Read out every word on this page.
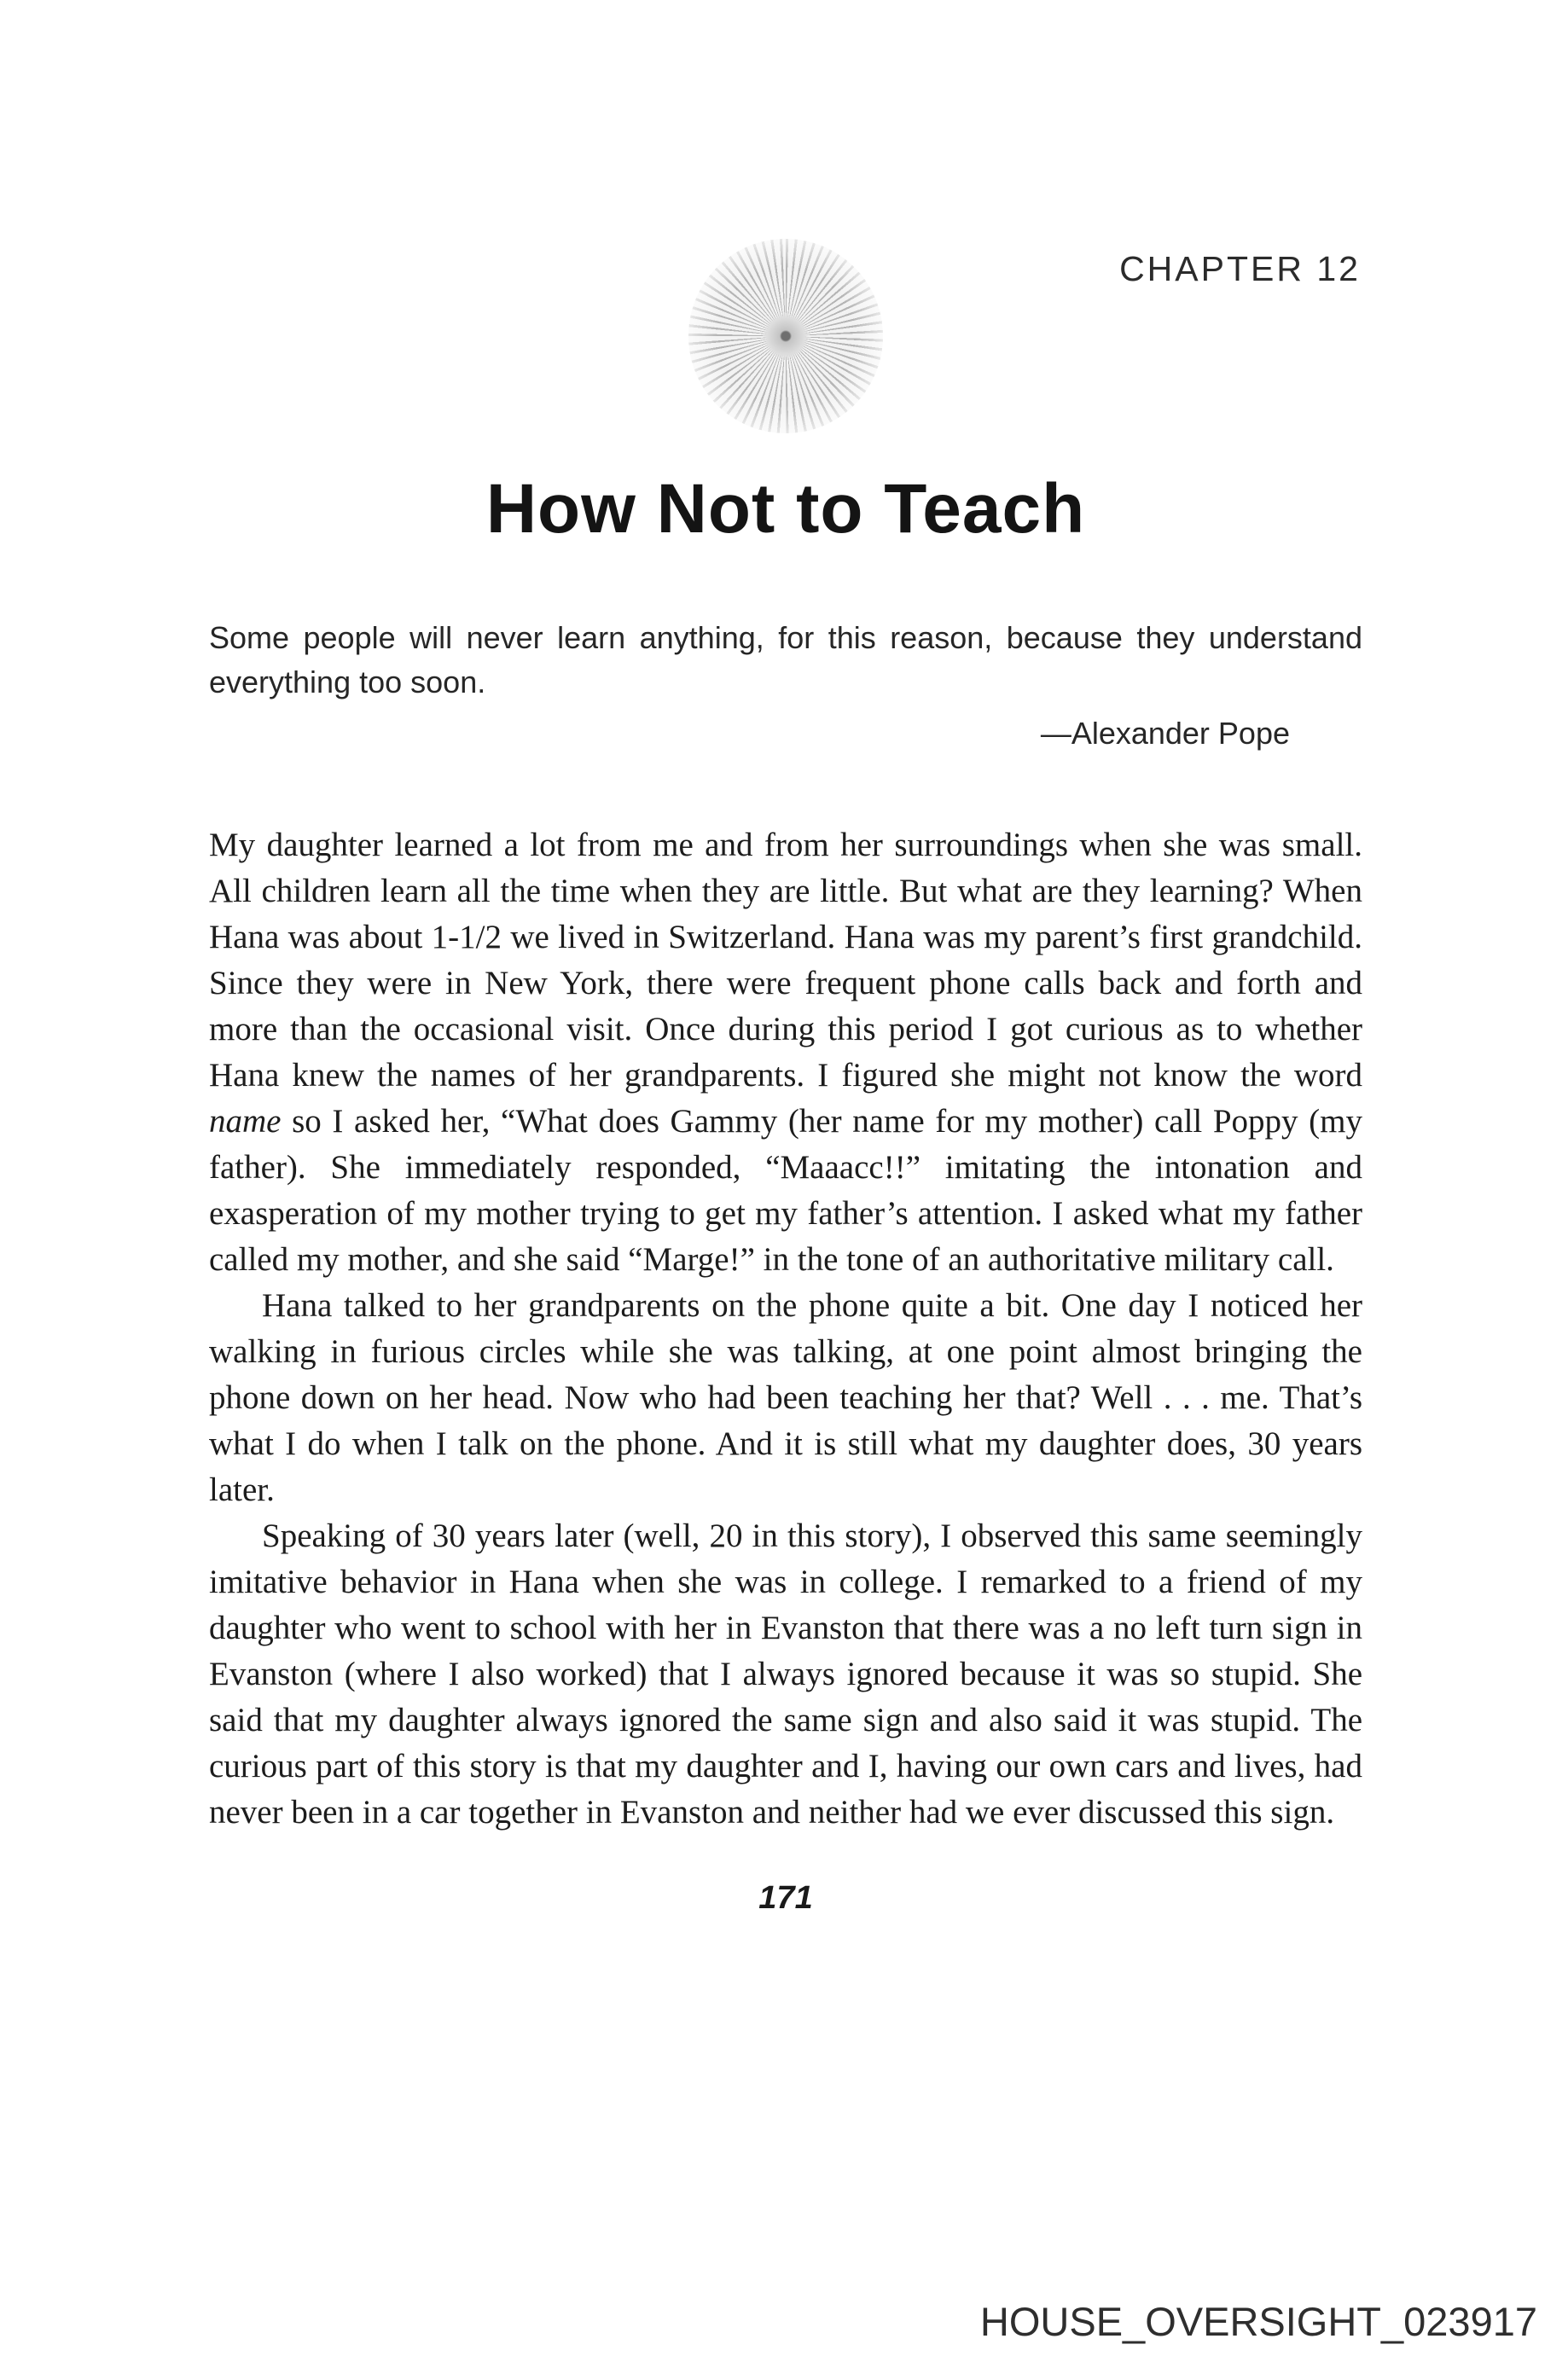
CHAPTER 12
How Not to Teach
Some people will never learn anything, for this reason, because they understand everything too soon.
—Alexander Pope

My daughter learned a lot from me and from her surroundings when she was small. All children learn all the time when they are little. But what are they learning? When Hana was about 1-1/2 we lived in Switzerland. Hana was my parent’s first grandchild. Since they were in New York, there were frequent phone calls back and forth and more than the occasional visit. Once during this period I got curious as to whether Hana knew the names of her grandparents. I figured she might not know the word name so I asked her, “What does Gammy (her name for my mother) call Poppy (my father). She immediately responded, “Maaacc!!” imitating the intonation and exasperation of my mother trying to get my father’s attention. I asked what my father called my mother, and she said “Marge!” in the tone of an authoritative military call.

Hana talked to her grandparents on the phone quite a bit. One day I noticed her walking in furious circles while she was talking, at one point almost bringing the phone down on her head. Now who had been teaching her that? Well . . . me. That’s what I do when I talk on the phone. And it is still what my daughter does, 30 years later.

Speaking of 30 years later (well, 20 in this story), I observed this same seemingly imitative behavior in Hana when she was in college. I remarked to a friend of my daughter who went to school with her in Evanston that there was a no left turn sign in Evanston (where I also worked) that I always ignored because it was so stupid. She said that my daughter always ignored the same sign and also said it was stupid. The curious part of this story is that my daughter and I, having our own cars and lives, had never been in a car together in Evanston and neither had we ever discussed this sign.

171
HOUSE_OVERSIGHT_023917
